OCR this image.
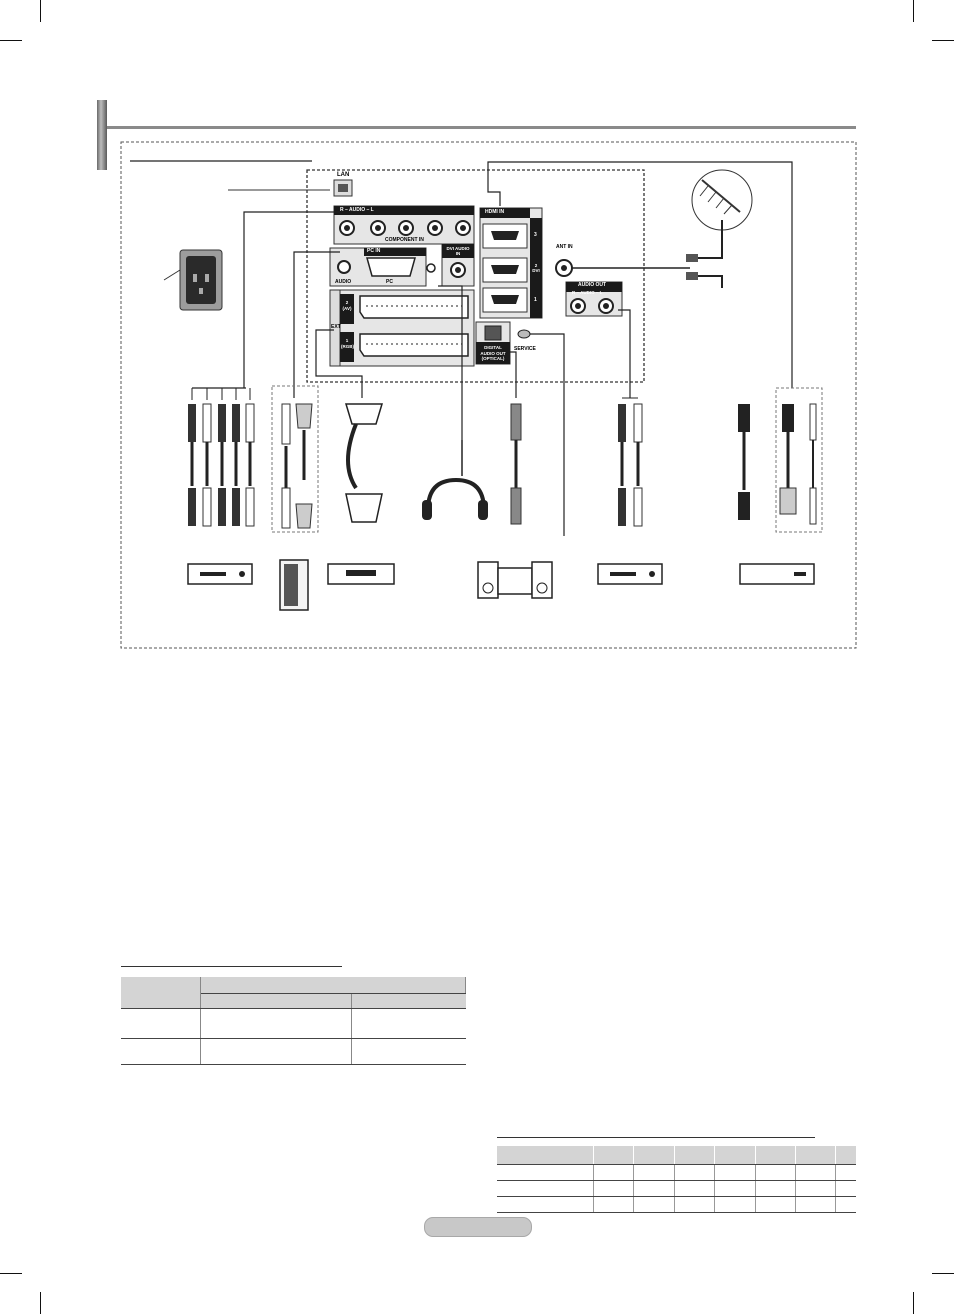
LAN
R – AUDIO – L
COMPONENT IN
PC IN
AUDIO	PC
DVI AUDIO IN
HDMI IN
3
2 DVI
1
ANT IN
AUDIO OUT
R – AUDIO – L
EXT
2 (AV)
1 (RGB)	DIGITAL AUDIO OUT (OPTICAL)
SERVICE
